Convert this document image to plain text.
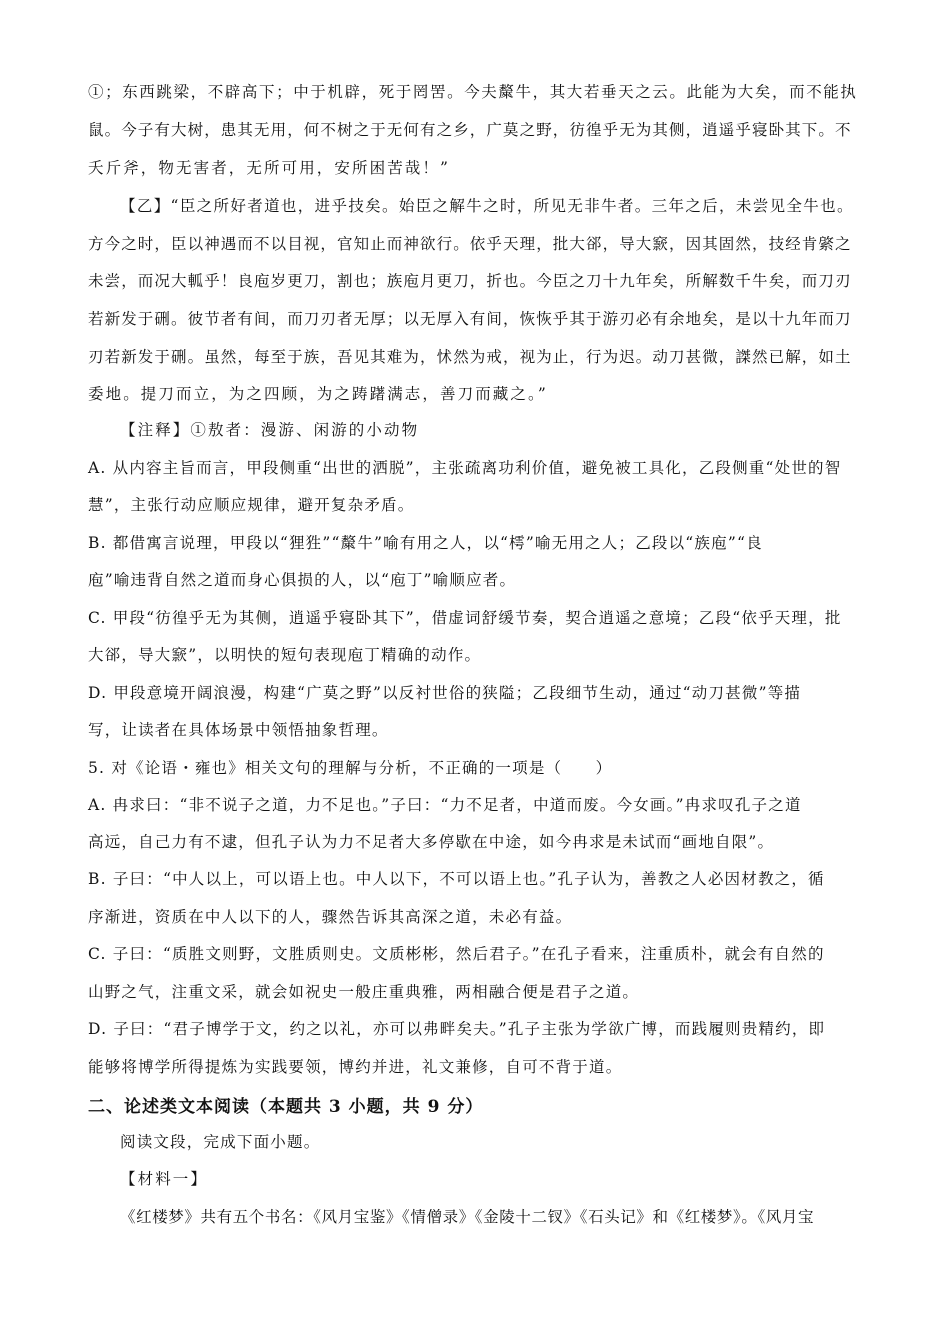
①；东西跳梁，不辟高下；中于机辟，死于罔罟。今夫斄牛，其大若垂天之云。此能为大矣，而不能执
鼠。今子有大树，患其无用，何不树之于无何有之乡，广莫之野，彷徨乎无为其侧，逍遥乎寝卧其下。不
夭斤斧，物无害者，无所可用，安所困苦哉！”
【乙】“臣之所好者道也，进乎技矣。始臣之解牛之时，所见无非牛者。三年之后，未尝见全牛也。
方今之时，臣以神遇而不以目视，官知止而神欲行。依乎天理，批大郤，导大窾，因其固然，技经肯綮之
未尝，而况大軱乎！良庖岁更刀，割也；族庖月更刀，折也。今臣之刀十九年矣，所解数千牛矣，而刀刃
若新发于硎。彼节者有间，而刀刃者无厚；以无厚入有间，恢恢乎其于游刃必有余地矣，是以十九年而刀
刃若新发于硎。虽然，每至于族，吾见其难为，怵然为戒，视为止，行为迟。动刀甚微，謋然已解，如土
委地。提刀而立，为之四顾，为之踌躇满志，善刀而藏之。”
【注释】①敖者：漫游、闲游的小动物
A. 从内容主旨而言，甲段侧重“出世的洒脱”，主张疏离功利价值，避免被工具化，乙段侧重“处世的智
慧”，主张行动应顺应规律，避开复杂矛盾。
B. 都借寓言说理，甲段以“狸狌”“斄牛”喻有用之人，以“樗”喻无用之人；乙段以“族庖”“良
庖”喻违背自然之道而身心俱损的人，以“庖丁”喻顺应者。
C. 甲段“彷徨乎无为其侧，逍遥乎寝卧其下”，借虚词舒缓节奏，契合逍遥之意境；乙段“依乎天理，批
大郤，导大窾”，以明快的短句表现庖丁精确的动作。
D. 甲段意境开阔浪漫，构建“广莫之野”以反衬世俗的狭隘；乙段细节生动，通过“动刀甚微”等描
写，让读者在具体场景中领悟抽象哲理。
5. 对《论语・雍也》相关文句的理解与分析，不正确的一项是（　　）
A. 冉求曰：“非不说子之道，力不足也。”子曰：“力不足者，中道而废。今女画。”冉求叹孔子之道
高远，自己力有不逮，但孔子认为力不足者大多停歇在中途，如今冉求是未试而“画地自限”。
B. 子曰：“中人以上，可以语上也。中人以下，不可以语上也。”孔子认为，善教之人必因材教之，循
序渐进，资质在中人以下的人，骤然告诉其高深之道，未必有益。
C. 子曰：“质胜文则野，文胜质则史。文质彬彬，然后君子。”在孔子看来，注重质朴，就会有自然的
山野之气，注重文采，就会如祝史一般庄重典雅，两相融合便是君子之道。
D. 子曰：“君子博学于文，约之以礼，亦可以弗畔矣夫。”孔子主张为学欲广博，而践履则贵精约，即
能够将博学所得提炼为实践要领，博约并进，礼文兼修，自可不背于道。
二、论述类文本阅读（本题共 3 小题，共 9 分）
阅读文段，完成下面小题。
【材料一】
《红楼梦》共有五个书名：《风月宝鉴》《情僧录》《金陵十二钗》《石头记》和《红楼梦》。《风月宝
